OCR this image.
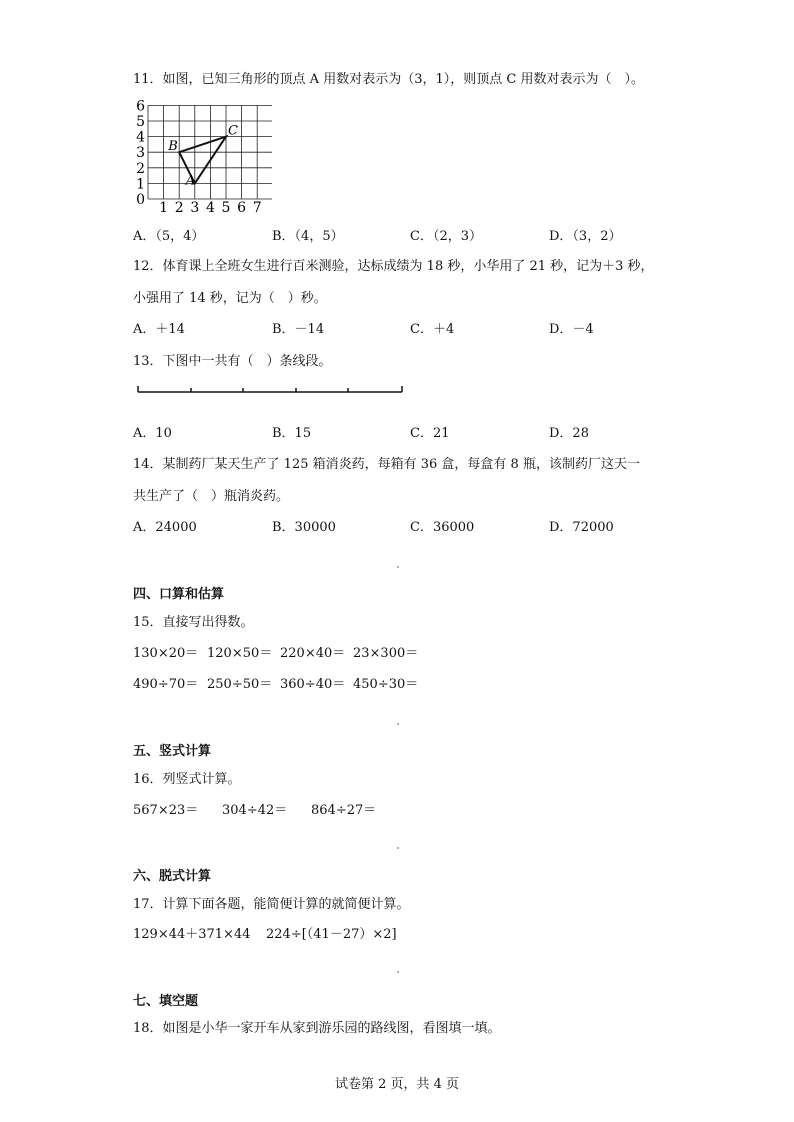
11．如图，已知三角形的顶点 A 用数对表示为（3，1），则顶点 C 用数对表示为（　）。
0
1
2
3
4
5
6
1 2 3 4 5 6 7
A
B
C
A．（5，4）	B．（4，5）	C．（2，3）	D．（3，2）
12．体育课上全班女生进行百米测验，达标成绩为 18 秒，小华用了 21 秒，记为＋3 秒，
小强用了 14 秒，记为（　）秒。
A．＋14	B．－14	C．＋4	D．－4
13．下图中一共有（　）条线段。
A．10	B．15	C．21	D．28
14．某制药厂某天生产了 125 箱消炎药，每箱有 36 盒，每盒有 8 瓶，该制药厂这天一
共生产了（　）瓶消炎药。
A．24000	B．30000	C．36000	D．72000
四、口算和估算
15．直接写出得数。
130×20＝ 120×50＝ 220×40＝ 23×300＝
490÷70＝ 250÷50＝ 360÷40＝ 450÷30＝
五、竖式计算
16．列竖式计算。
567×23＝ 304÷42＝ 864÷27＝
六、脱式计算
17．计算下面各题，能简便计算的就简便计算。
129×44＋371×44 224÷[（41－27）×2]
七、填空题
18．如图是小华一家开车从家到游乐园的路线图，看图填一填。
试卷第 2 页，共 4 页
